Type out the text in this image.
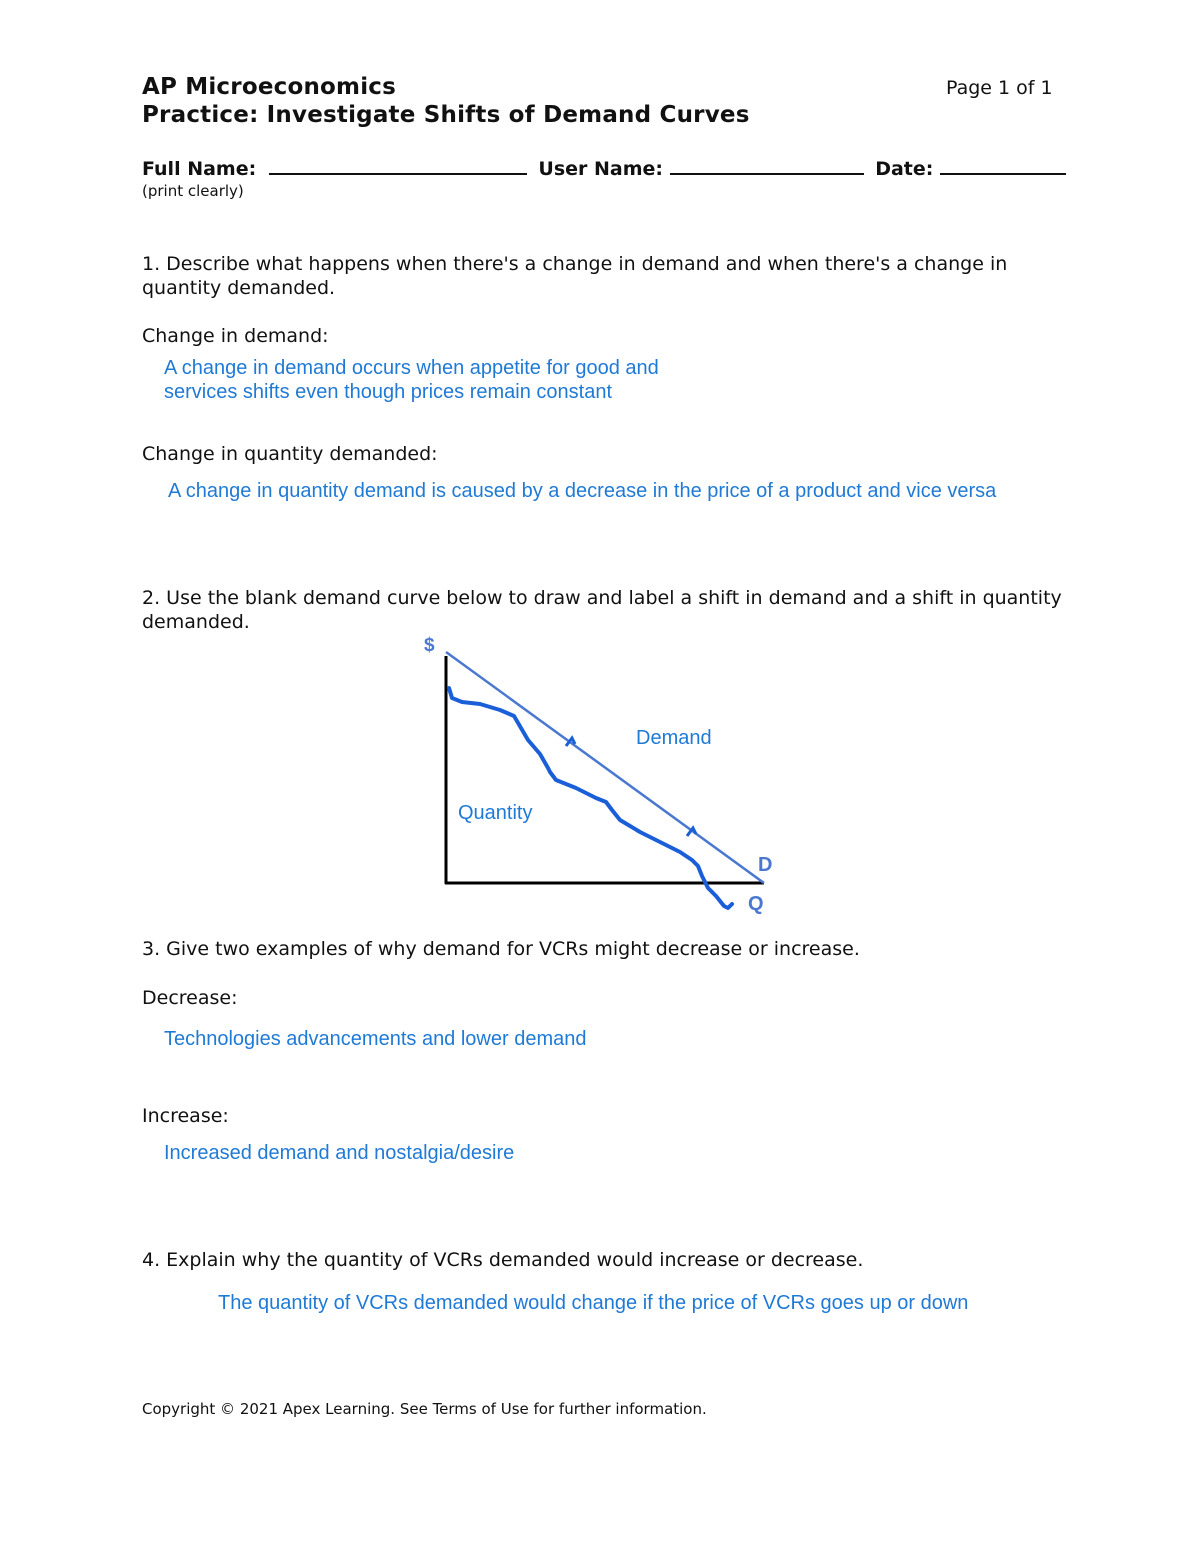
AP Microeconomics	Page 1 of 1
Practice: Investigate Shifts of Demand Curves
Full Name:	User Name:	Date:
(print clearly)
1. Describe what happens when there's a change in demand and when there's a change in quantity demanded.
Change in demand:
A change in demand occurs when appetite for good and
services shifts even though prices remain constant
Change in quantity demanded:
A change in quantity demand is caused by a decrease in the price of a product and vice versa
2. Use the blank demand curve below to draw and label a shift in demand and a shift in quantity demanded.
$
Demand
Quantity
D
Q
3. Give two examples of why demand for VCRs might decrease or increase.
Decrease:
Technologies advancements and lower demand
Increase:
Increased demand and nostalgia/desire
4. Explain why the quantity of VCRs demanded would increase or decrease.
The quantity of VCRs demanded would change if the price of VCRs goes up or down
Copyright © 2021 Apex Learning. See Terms of Use for further information.
